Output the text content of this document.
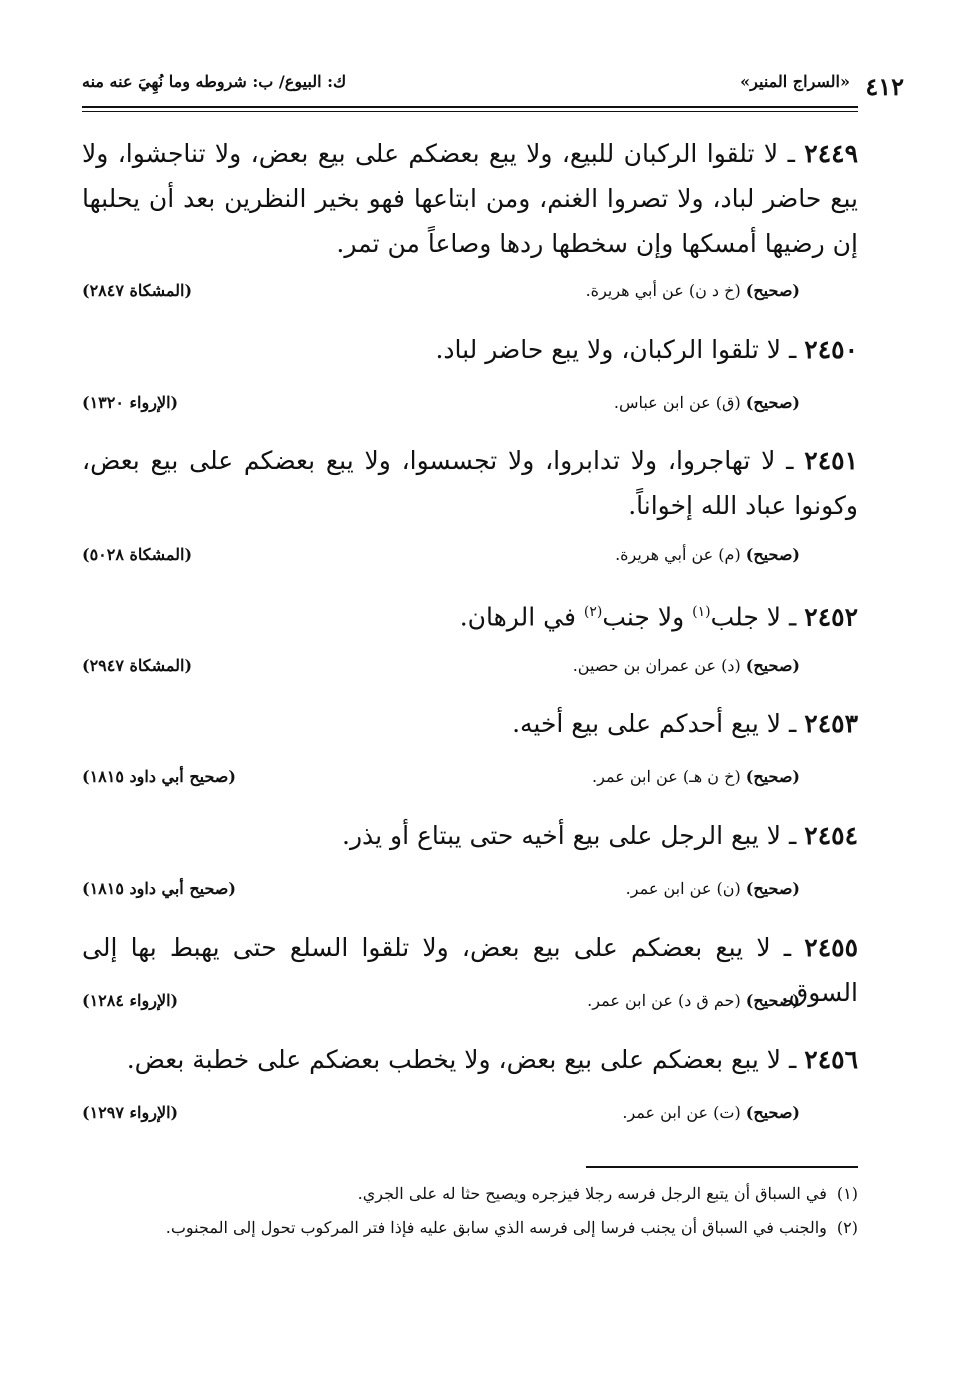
٤١٢
«السراج المنير»
ك: البيوع/ ب: شروطه وما نُهِيَ عنه منه
٢٤٤٩ ـ لا تلقوا الركبان للبيع، ولا يبع بعضكم على بيع بعض، ولا تناجشوا، ولا يبع حاضر لباد، ولا تصروا الغنم، ومن ابتاعها فهو بخير النظرين بعد أن يحلبها إن رضيها أمسكها وإن سخطها ردها وصاعاً من تمر.
(صحيح) (خ د ن) عن أبي هريرة.
(المشكاة ٢٨٤٧)
٢٤٥٠ ـ لا تلقوا الركبان، ولا يبع حاضر لباد.
(صحيح) (ق) عن ابن عباس.
(الإرواء ١٣٢٠)
٢٤٥١ ـ لا تهاجروا، ولا تدابروا، ولا تجسسوا، ولا يبع بعضكم على بيع بعض، وكونوا عباد الله إخواناً.
(صحيح) (م) عن أبي هريرة.
(المشكاة ٥٠٢٨)
٢٤٥٢ ـ لا جلب$^{(١)}$ ولا جنب$^{(٢)}$ في الرهان.
(صحيح) (د) عن عمران بن حصين.
(المشكاة ٢٩٤٧)
٢٤٥٣ ـ لا يبع أحدكم على بيع أخيه.
(صحيح) (خ ن هـ) عن ابن عمر.
(صحيح أبي داود ١٨١٥)
٢٤٥٤ ـ لا يبع الرجل على بيع أخيه حتى يبتاع أو يذر.
(صحيح) (ن) عن ابن عمر.
(صحيح أبي داود ١٨١٥)
٢٤٥٥ ـ لا يبع بعضكم على بيع بعض، ولا تلقوا السلع حتى يهبط بها إلى السوق.
(صحيح) (حم ق د) عن ابن عمر.
(الإرواء ١٢٨٤)
٢٤٥٦ ـ لا يبع بعضكم على بيع بعض، ولا يخطب بعضكم على خطبة بعض.
(صحيح) (ت) عن ابن عمر.
(الإرواء ١٢٩٧)
(١)في السباق أن يتبع الرجل فرسه رجلا فيزجره ويصيح حثا له على الجري.
(٢)والجنب في السباق أن يجنب فرسا إلى فرسه الذي سابق عليه فإذا فتر المركوب تحول إلى المجنوب.
